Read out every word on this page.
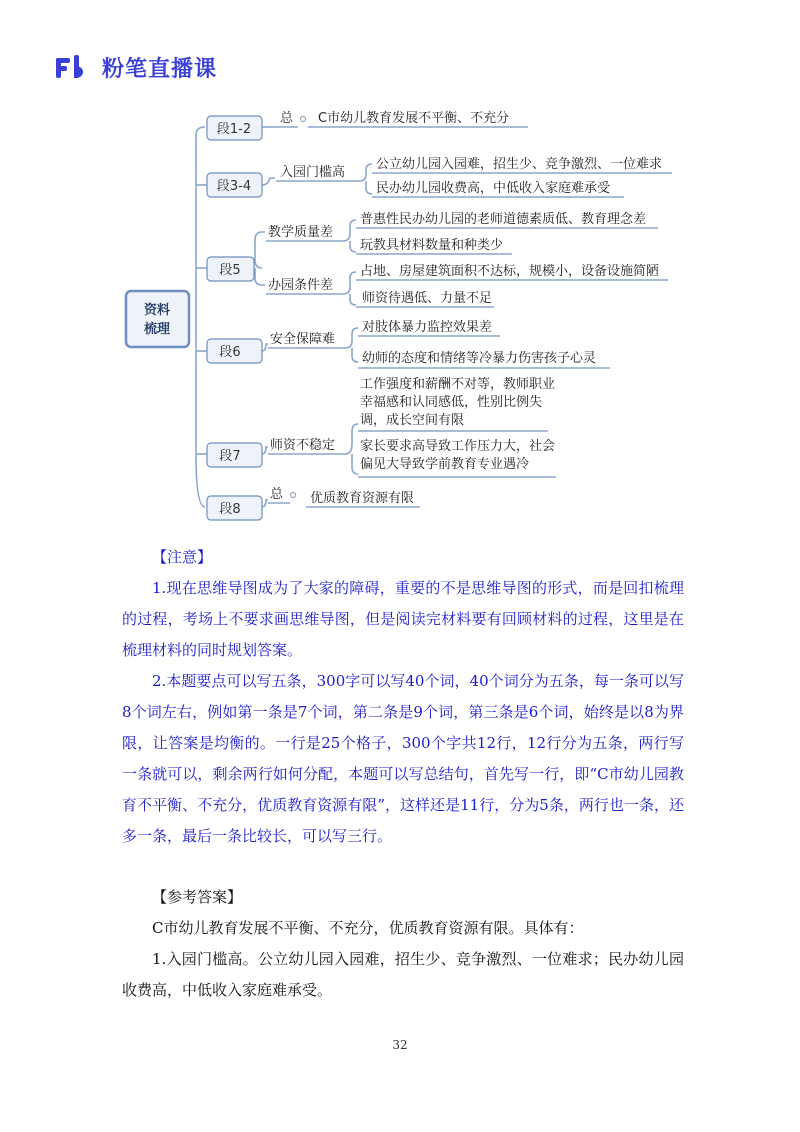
粉笔直播课
资料
梳理
段1-2
段3-4
段5
段6
段7
段8
总
入园门槛高
教学质量差
办园条件差
安全保障难
师资不稳定
总
C市幼儿教育发展不平衡、不充分
公立幼儿园入园难，招生少、竞争激烈、一位难求
民办幼儿园收费高，中低收入家庭难承受
普惠性民办幼儿园的老师道德素质低、教育理念差
玩教具材料数量和种类少
占地、房屋建筑面积不达标，规模小，设备设施简陋
师资待遇低、力量不足
对肢体暴力监控效果差
幼师的态度和情绪等冷暴力伤害孩子心灵
工作强度和薪酬不对等，教师职业幸福感和认同感低，性别比例失调，成长空间有限
家长要求高导致工作压力大，社会偏见大导致学前教育专业遇冷
优质教育资源有限

【注意】

1.现在思维导图成为了大家的障碍，重要的不是思维导图的形式，而是回扣梳理的过程，考场上不要求画思维导图，但是阅读完材料要有回顾材料的过程，这里是在梳理材料的同时规划答案。

2.本题要点可以写五条，300字可以写40个词，40个词分为五条，每一条可以写8个词左右，例如第一条是7个词，第二条是9个词，第三条是6个词，始终是以8为界限，让答案是均衡的。一行是25个格子，300个字共12行，12行分为五条，两行写一条就可以，剩余两行如何分配，本题可以写总结句，首先写一行，即“C市幼儿园教育不平衡、不充分，优质教育资源有限”，这样还是11行，分为5条，两行也一条，还多一条，最后一条比较长，可以写三行。

【参考答案】

C市幼儿教育发展不平衡、不充分，优质教育资源有限。具体有：

1.入园门槛高。公立幼儿园入园难，招生少、竞争激烈、一位难求；民办幼儿园收费高，中低收入家庭难承受。

32
